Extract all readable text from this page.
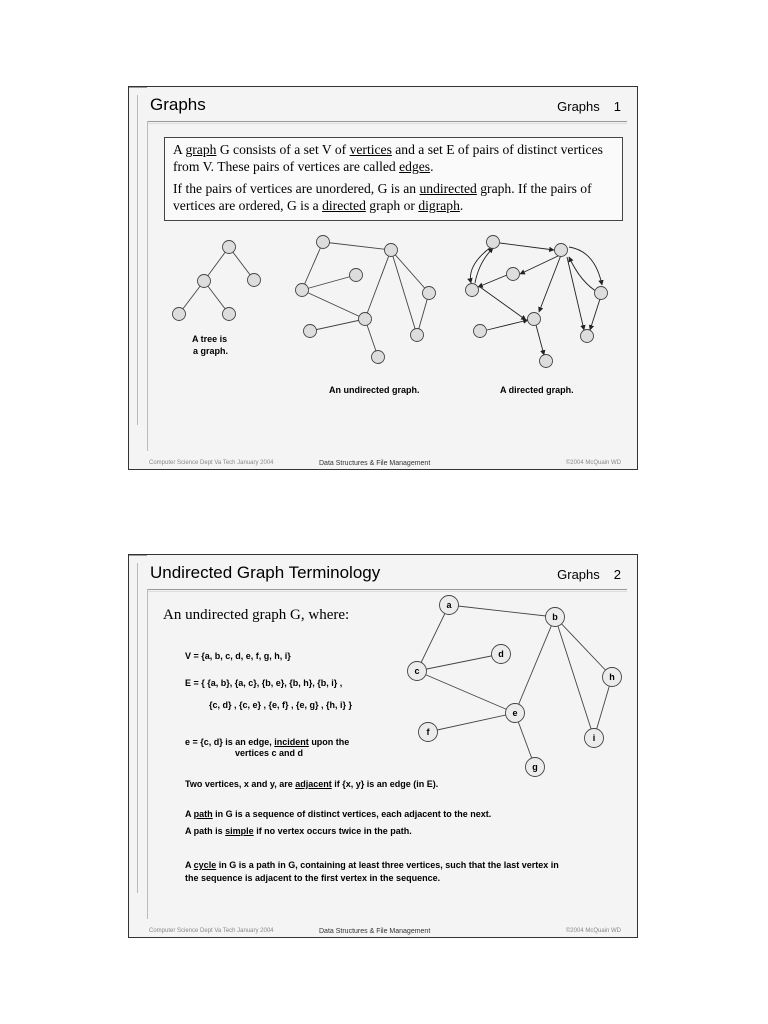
Graphs	Graphs 1

A graph G consists of a set V of vertices and a set E of pairs of distinct vertices from V. These pairs of vertices are called edges.

If the pairs of vertices are unordered, G is an undirected graph. If the pairs of vertices are ordered, G is a directed graph or digraph.

A tree is
a graph.
An undirected graph.	A directed graph.
Computer Science Dept Va Tech January 2004	Data Structures & File Management	©2004 McQuain WD
Undirected Graph Terminology	Graphs 2
An undirected graph G, where:
V = {a, b, c, d, e, f, g, h, i}
E = { {a, b}, {a, c}, {b, e}, {b, h}, {b, i} ,
{c, d} , {c, e} , {e, f} , {e, g} , {h, i} }
e = {c, d} is an edge, incident upon the
vertices c and d
Two vertices, x and y, are adjacent if {x, y} is an edge (in E).
A path in G is a sequence of distinct vertices, each adjacent to the next.
A path is simple if no vertex occurs twice in the path.
A cycle in G is a path in G, containing at least three vertices, such that the last vertex in
the sequence is adjacent to the first vertex in the sequence.
a
b
c
d
e
f
g
h
i
Computer Science Dept Va Tech January 2004	Data Structures & File Management	©2004 McQuain WD
